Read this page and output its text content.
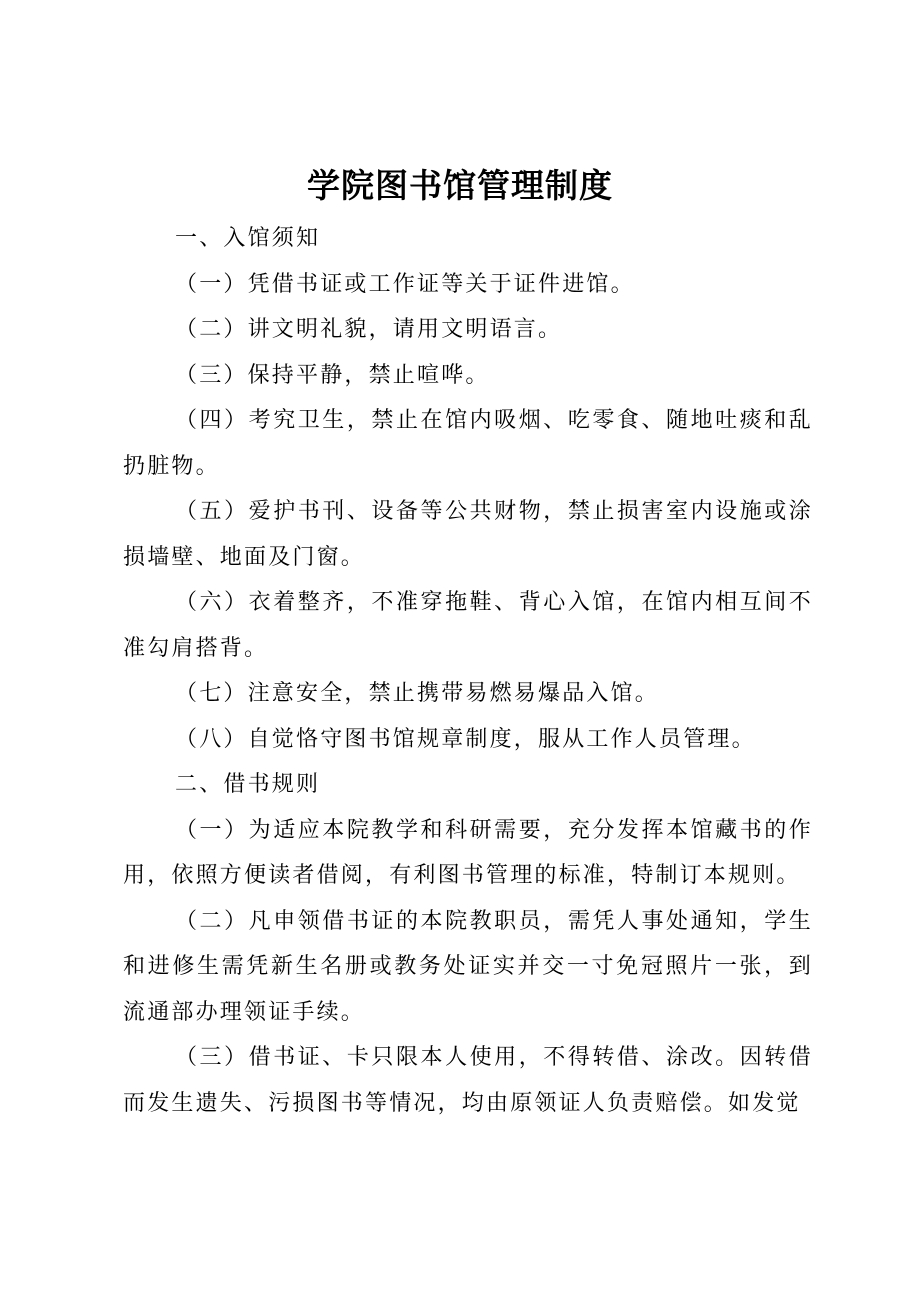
学院图书馆管理制度

一、入馆须知

（一）凭借书证或工作证等关于证件进馆。

（二）讲文明礼貌，请用文明语言。

（三）保持平静，禁止喧哗。

（四）考究卫生，禁止在馆内吸烟、吃零食、随地吐痰和乱扔脏物。

（五）爱护书刊、设备等公共财物，禁止损害室内设施或涂损墙壁、地面及门窗。

（六）衣着整齐，不准穿拖鞋、背心入馆，在馆内相互间不准勾肩搭背。

（七）注意安全，禁止携带易燃易爆品入馆。

（八）自觉恪守图书馆规章制度，服从工作人员管理。

二、借书规则

（一）为适应本院教学和科研需要，充分发挥本馆藏书的作用，依照方便读者借阅，有利图书管理的标准，特制订本规则。

（二）凡申领借书证的本院教职员，需凭人事处通知，学生和进修生需凭新生名册或教务处证实并交一寸免冠照片一张，到流通部办理领证手续。

（三）借书证、卡只限本人使用，不得转借、涂改。因转借而发生遗失、污损图书等情况，均由原领证人负责赔偿。如发觉
